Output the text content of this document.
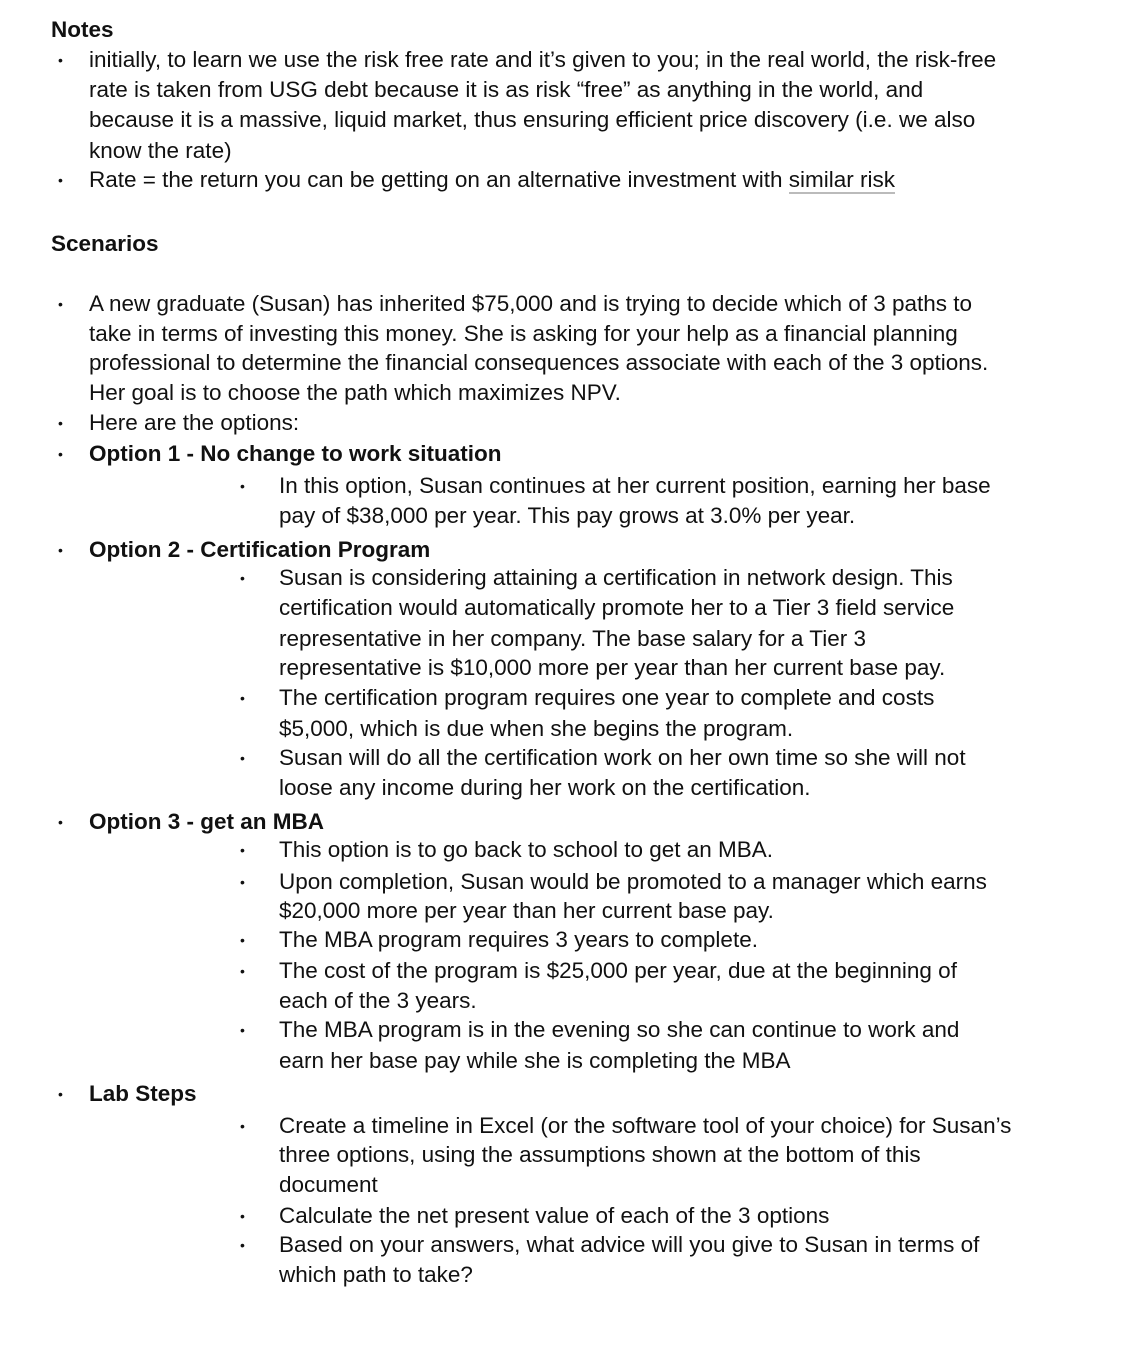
Notes
• initially, to learn we use the risk free rate and it’s given to you; in the real world, the risk-free
rate is taken from USG debt because it is as risk “free” as anything in the world, and
because it is a massive, liquid market, thus ensuring efficient price discovery (i.e. we also
know the rate)
• Rate = the return you can be getting on an alternative investment with similar risk
Scenarios
• A new graduate (Susan) has inherited $75,000 and is trying to decide which of 3 paths to
take in terms of investing this money. She is asking for your help as a financial planning
professional to determine the financial consequences associate with each of the 3 options.
Her goal is to choose the path which maximizes NPV.
• Here are the options:
• Option 1 - No change to work situation
• In this option, Susan continues at her current position, earning her base
pay of $38,000 per year. This pay grows at 3.0% per year.
• Option 2 - Certification Program
• Susan is considering attaining a certification in network design. This
certification would automatically promote her to a Tier 3 field service
representative in her company. The base salary for a Tier 3
representative is $10,000 more per year than her current base pay.
• The certification program requires one year to complete and costs
$5,000, which is due when she begins the program.
• Susan will do all the certification work on her own time so she will not
loose any income during her work on the certification.
• Option 3 - get an MBA
• This option is to go back to school to get an MBA.
• Upon completion, Susan would be promoted to a manager which earns
$20,000 more per year than her current base pay.
• The MBA program requires 3 years to complete.
• The cost of the program is $25,000 per year, due at the beginning of
each of the 3 years.
• The MBA program is in the evening so she can continue to work and
earn her base pay while she is completing the MBA
• Lab Steps
• Create a timeline in Excel (or the software tool of your choice) for Susan’s
three options, using the assumptions shown at the bottom of this
document
• Calculate the net present value of each of the 3 options
• Based on your answers, what advice will you give to Susan in terms of
which path to take?
